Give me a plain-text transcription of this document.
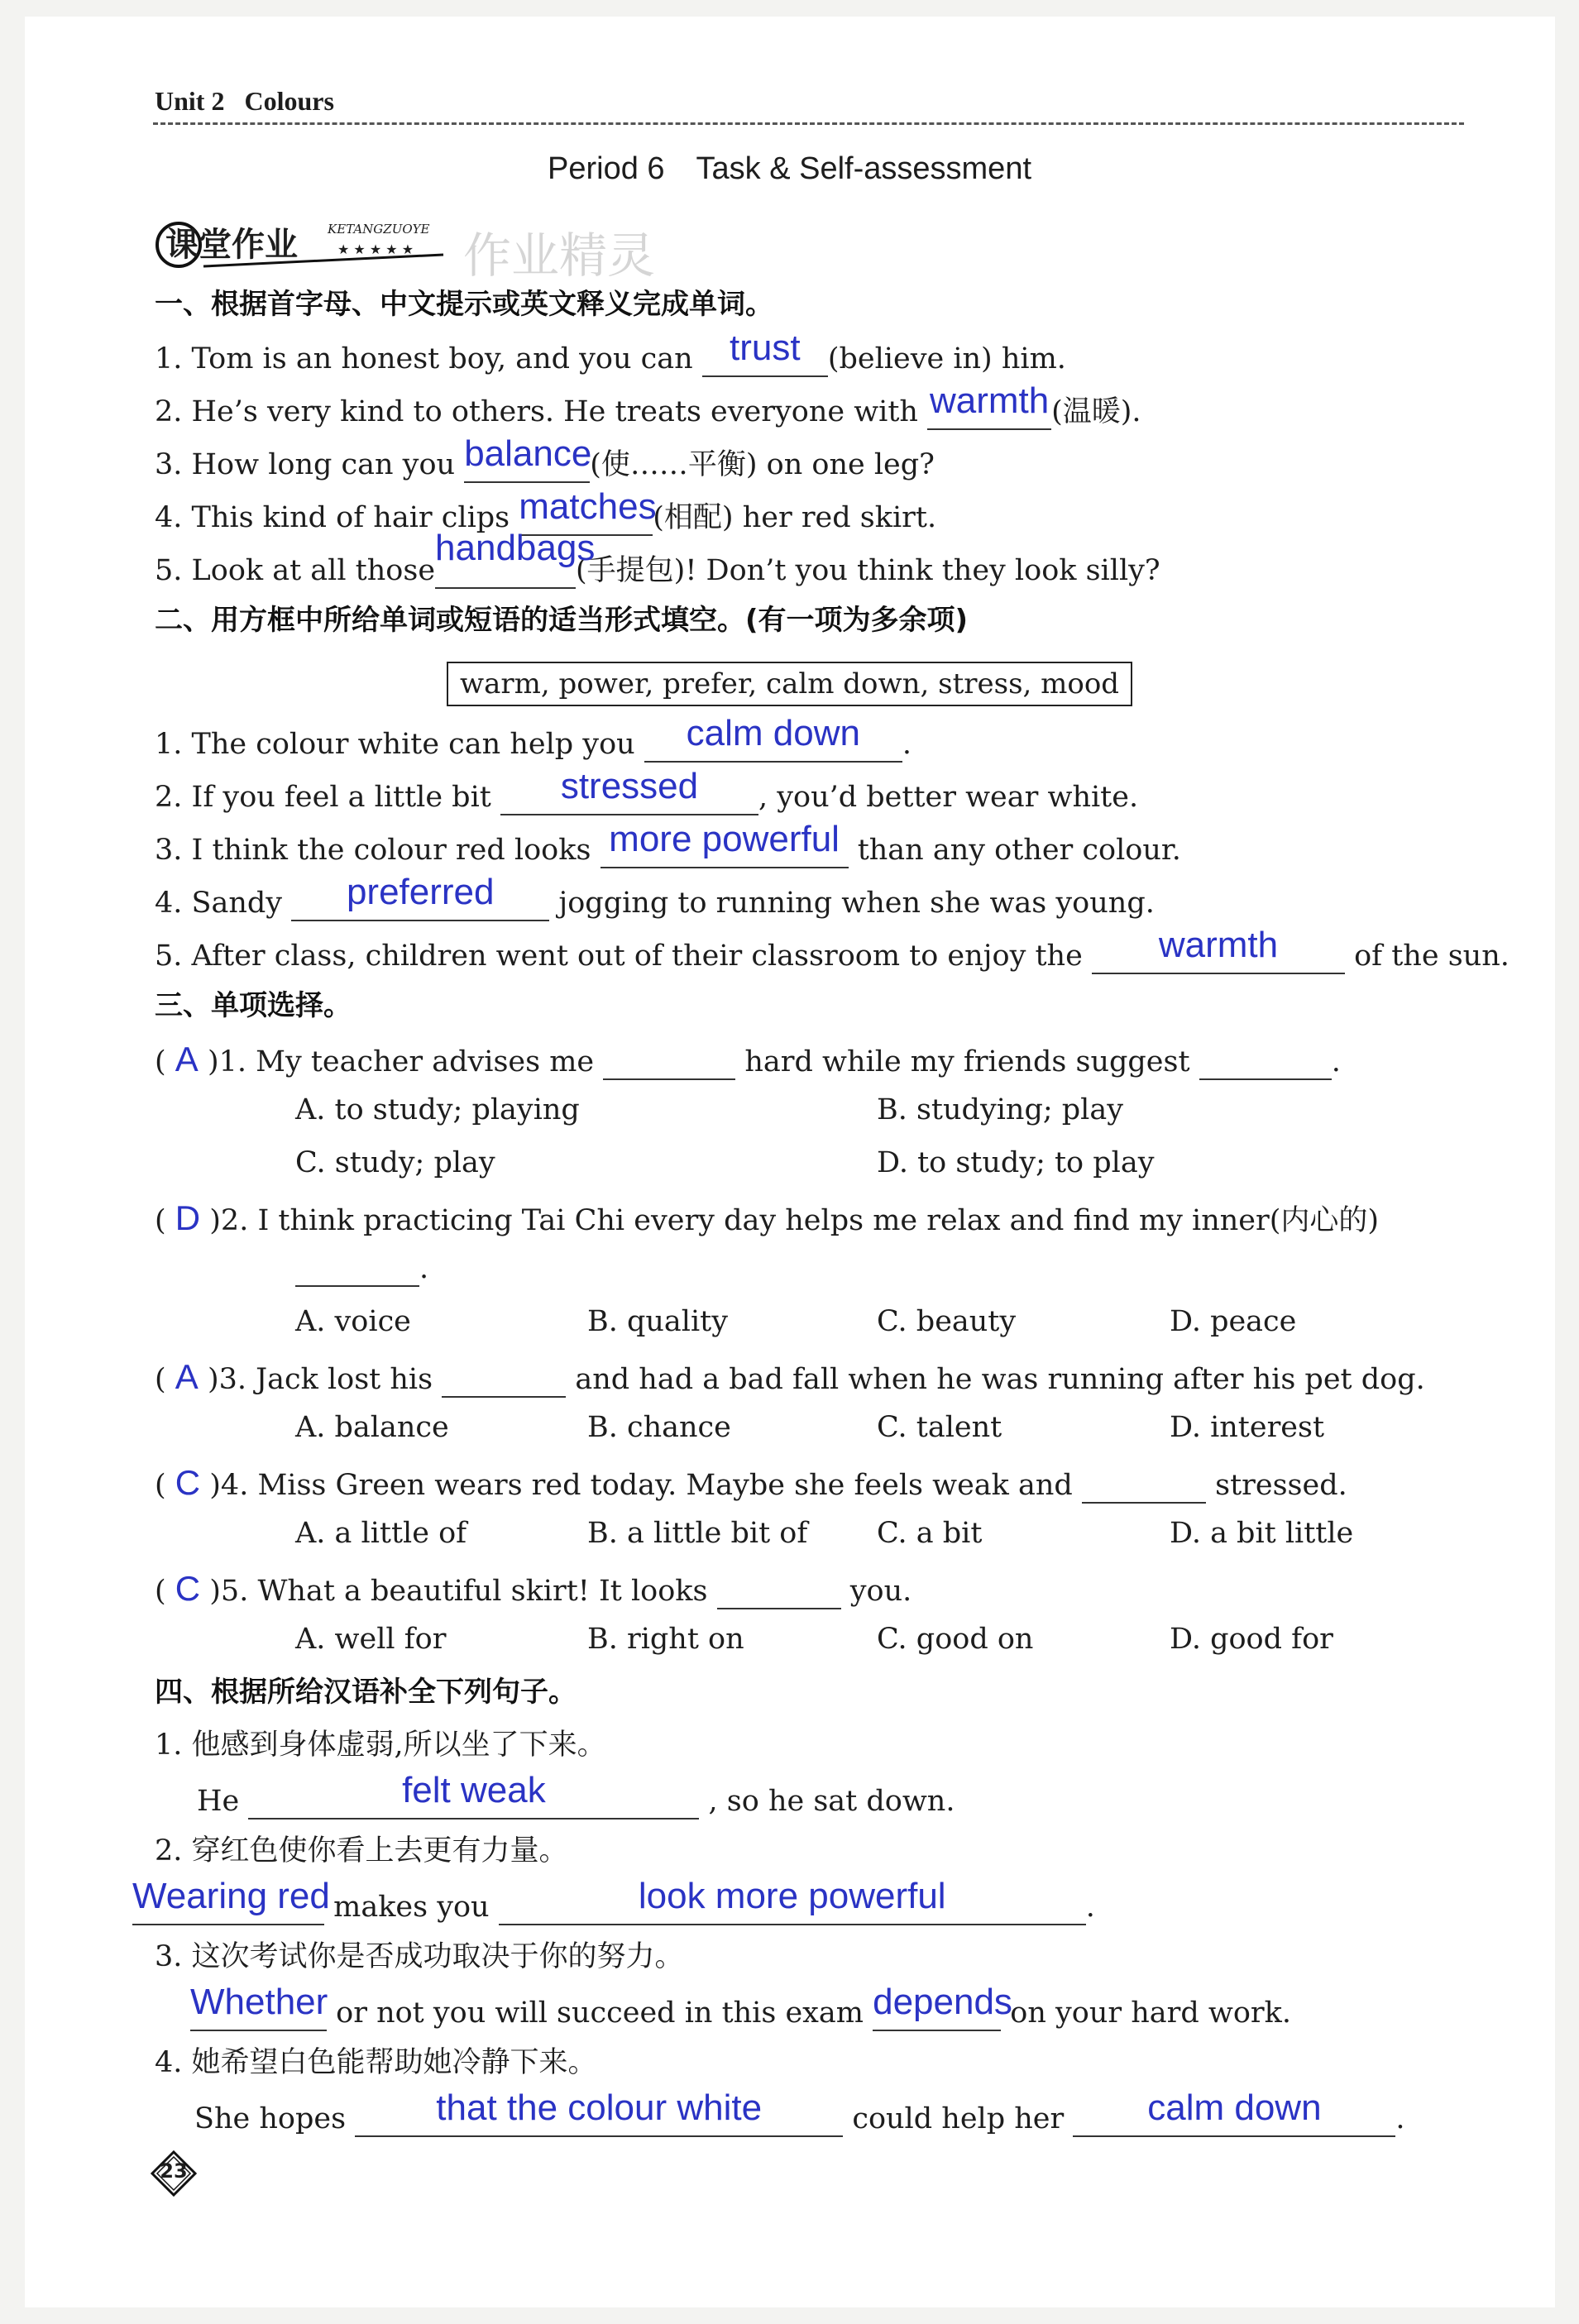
Unit 2 Colours
Period 6　Task & Self-assessment
课堂作业 KETANGZUOYE
★ ★ ★ ★ ★ 作业精灵
一、根据首字母、中文提示或英文释义完成单词。
1. Tom is an honest boy, and you can trust (believe in) him.
2. He’s very kind to others. He treats everyone with warmth(温暖).
3. How long can you balance(使……平衡) on one leg?
4. This kind of hair clips matches(相配) her red skirt.
5. Look at all thosehandbags(手提包)! Don’t you think they look silly?
二、用方框中所给单词或短语的适当形式填空。(有一项为多余项)
warm, power, prefer, calm down, stress, mood
1. The colour white can help you calm down .
2. If you feel a little bit stressed , you’d better wear white.
3. I think the colour red looks more powerful than any other colour.
4. Sandy preferred jogging to running when she was young.
5. After class, children went out of their classroom to enjoy the warmth	of the sun.
三、单项选择。
( A )1. My teacher advises me	hard while my friends suggest	.
A. to study; playing	B. studying; play
C. study; play	D. to study; to play
( D )2. I think practicing Tai Chi every day helps me relax and find my inner(内心的)
.
A. voice	B. quality	C. beauty	D. peace
( A )3. Jack lost his	and had a bad fall when he was running after his pet dog.
A. balance	B. chance	C. talent	D. interest
( C )4. Miss Green wears red today. Maybe she feels weak and	stressed.
A. a little of	B. a little bit of C. a bit	D. a bit little
( C )5. What a beautiful skirt! It looks	you.
A. well for	B. right on	C. good on	D. good for
四、根据所给汉语补全下列句子。
1. 他感到身体虚弱,所以坐了下来。
He	felt weak	, so he sat down.
2. 穿红色使你看上去更有力量。
Wearing red makes you	look more powerful	.
3. 这次考试你是否成功取决于你的努力。
Whether or not you will succeed in this exam depends on your hard work.
4. 她希望白色能帮助她冷静下来。
She hopes that the colour white	could help her calm down	.
23
